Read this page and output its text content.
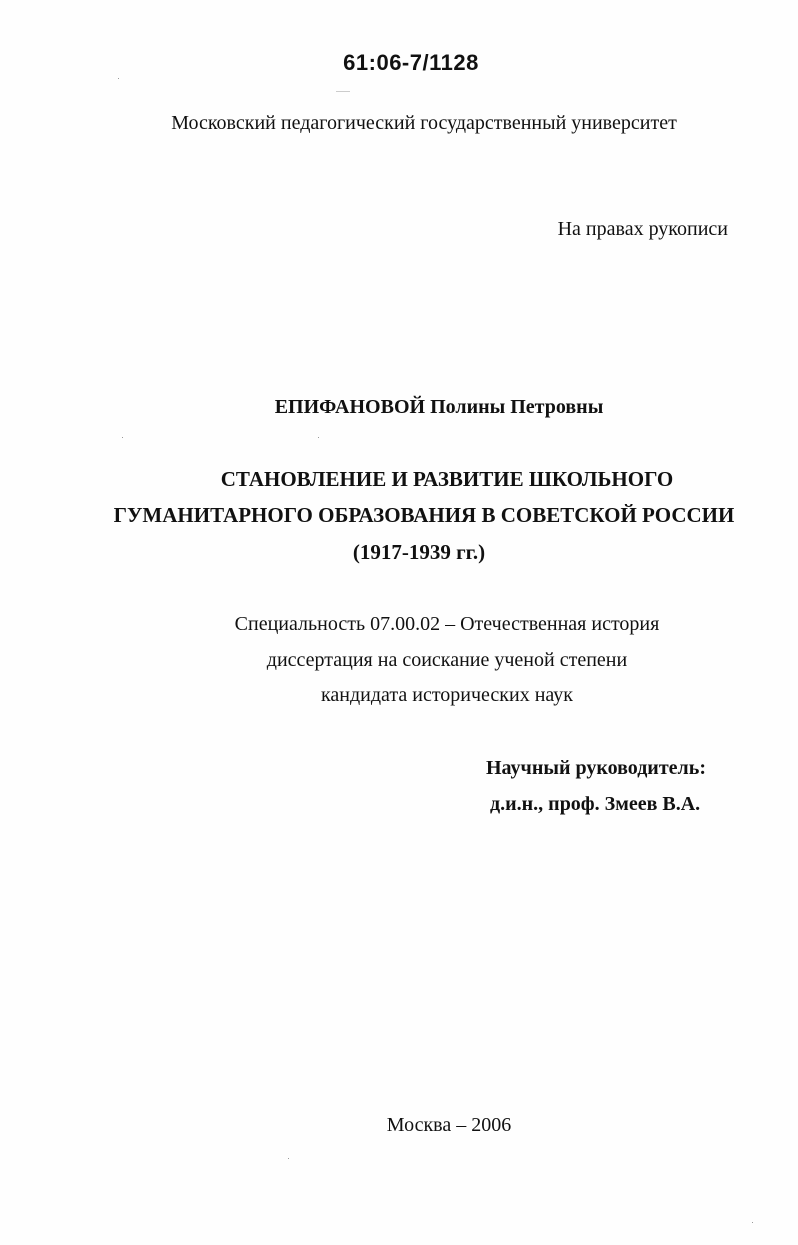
61:06-7/1128
Московский педагогический государственный университет
На правах рукописи
ЕПИФАНОВОЙ Полины Петровны
СТАНОВЛЕНИЕ И РАЗВИТИЕ ШКОЛЬНОГО
ГУМАНИТАРНОГО ОБРАЗОВАНИЯ В СОВЕТСКОЙ РОССИИ
(1917-1939 гг.)
Специальность 07.00.02 – Отечественная история
диссертация на соискание ученой степени
кандидата исторических наук
Научный руководитель:
д.и.н., проф. Змеев В.А.
Москва – 2006
